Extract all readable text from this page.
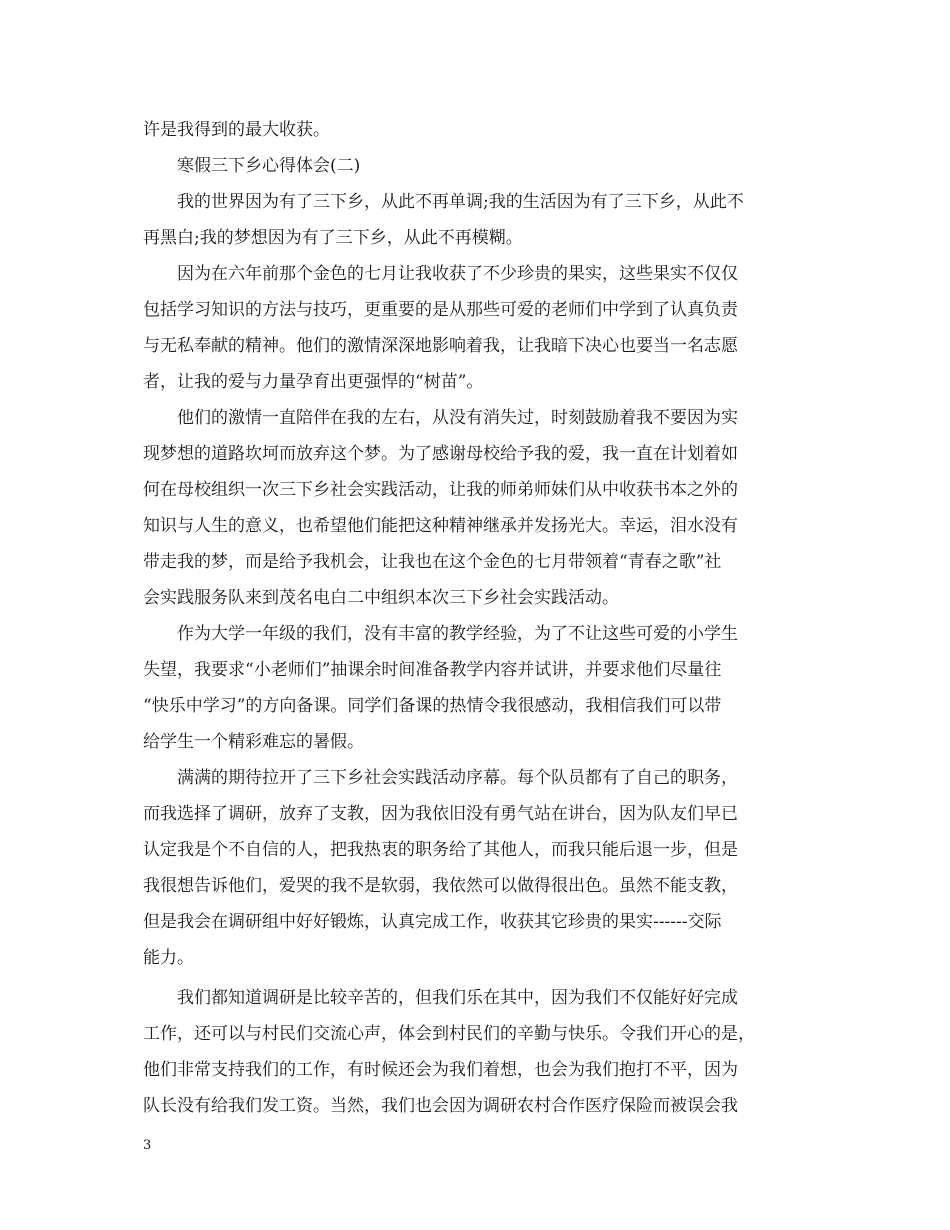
许是我得到的最大收获。
寒假三下乡心得体会(二)
我的世界因为有了三下乡，从此不再单调;我的生活因为有了三下乡，从此不
再黑白;我的梦想因为有了三下乡，从此不再模糊。
因为在六年前那个金色的七月让我收获了不少珍贵的果实，这些果实不仅仅
包括学习知识的方法与技巧，更重要的是从那些可爱的老师们中学到了认真负责
与无私奉献的精神。他们的激情深深地影响着我，让我暗下决心也要当一名志愿
者，让我的爱与力量孕育出更强悍的“树苗”。
他们的激情一直陪伴在我的左右，从没有消失过，时刻鼓励着我不要因为实
现梦想的道路坎坷而放弃这个梦。为了感谢母校给予我的爱，我一直在计划着如
何在母校组织一次三下乡社会实践活动，让我的师弟师妹们从中收获书本之外的
知识与人生的意义，也希望他们能把这种精神继承并发扬光大。幸运，泪水没有
带走我的梦，而是给予我机会，让我也在这个金色的七月带领着“青春之歌”社
会实践服务队来到茂名电白二中组织本次三下乡社会实践活动。
作为大学一年级的我们，没有丰富的教学经验，为了不让这些可爱的小学生
失望，我要求“小老师们”抽课余时间准备教学内容并试讲，并要求他们尽量往
“快乐中学习”的方向备课。同学们备课的热情令我很感动，我相信我们可以带
给学生一个精彩难忘的暑假。
满满的期待拉开了三下乡社会实践活动序幕。每个队员都有了自己的职务，
而我选择了调研，放弃了支教，因为我依旧没有勇气站在讲台，因为队友们早已
认定我是个不自信的人，把我热衷的职务给了其他人，而我只能后退一步，但是
我很想告诉他们，爱哭的我不是软弱，我依然可以做得很出色。虽然不能支教，
但是我会在调研组中好好锻炼，认真完成工作，收获其它珍贵的果实------交际
能力。
我们都知道调研是比较辛苦的，但我们乐在其中，因为我们不仅能好好完成
工作，还可以与村民们交流心声，体会到村民们的辛勤与快乐。令我们开心的是，
他们非常支持我们的工作，有时候还会为我们着想，也会为我们抱打不平，因为
队长没有给我们发工资。当然，我们也会因为调研农村合作医疗保险而被误会我
3
